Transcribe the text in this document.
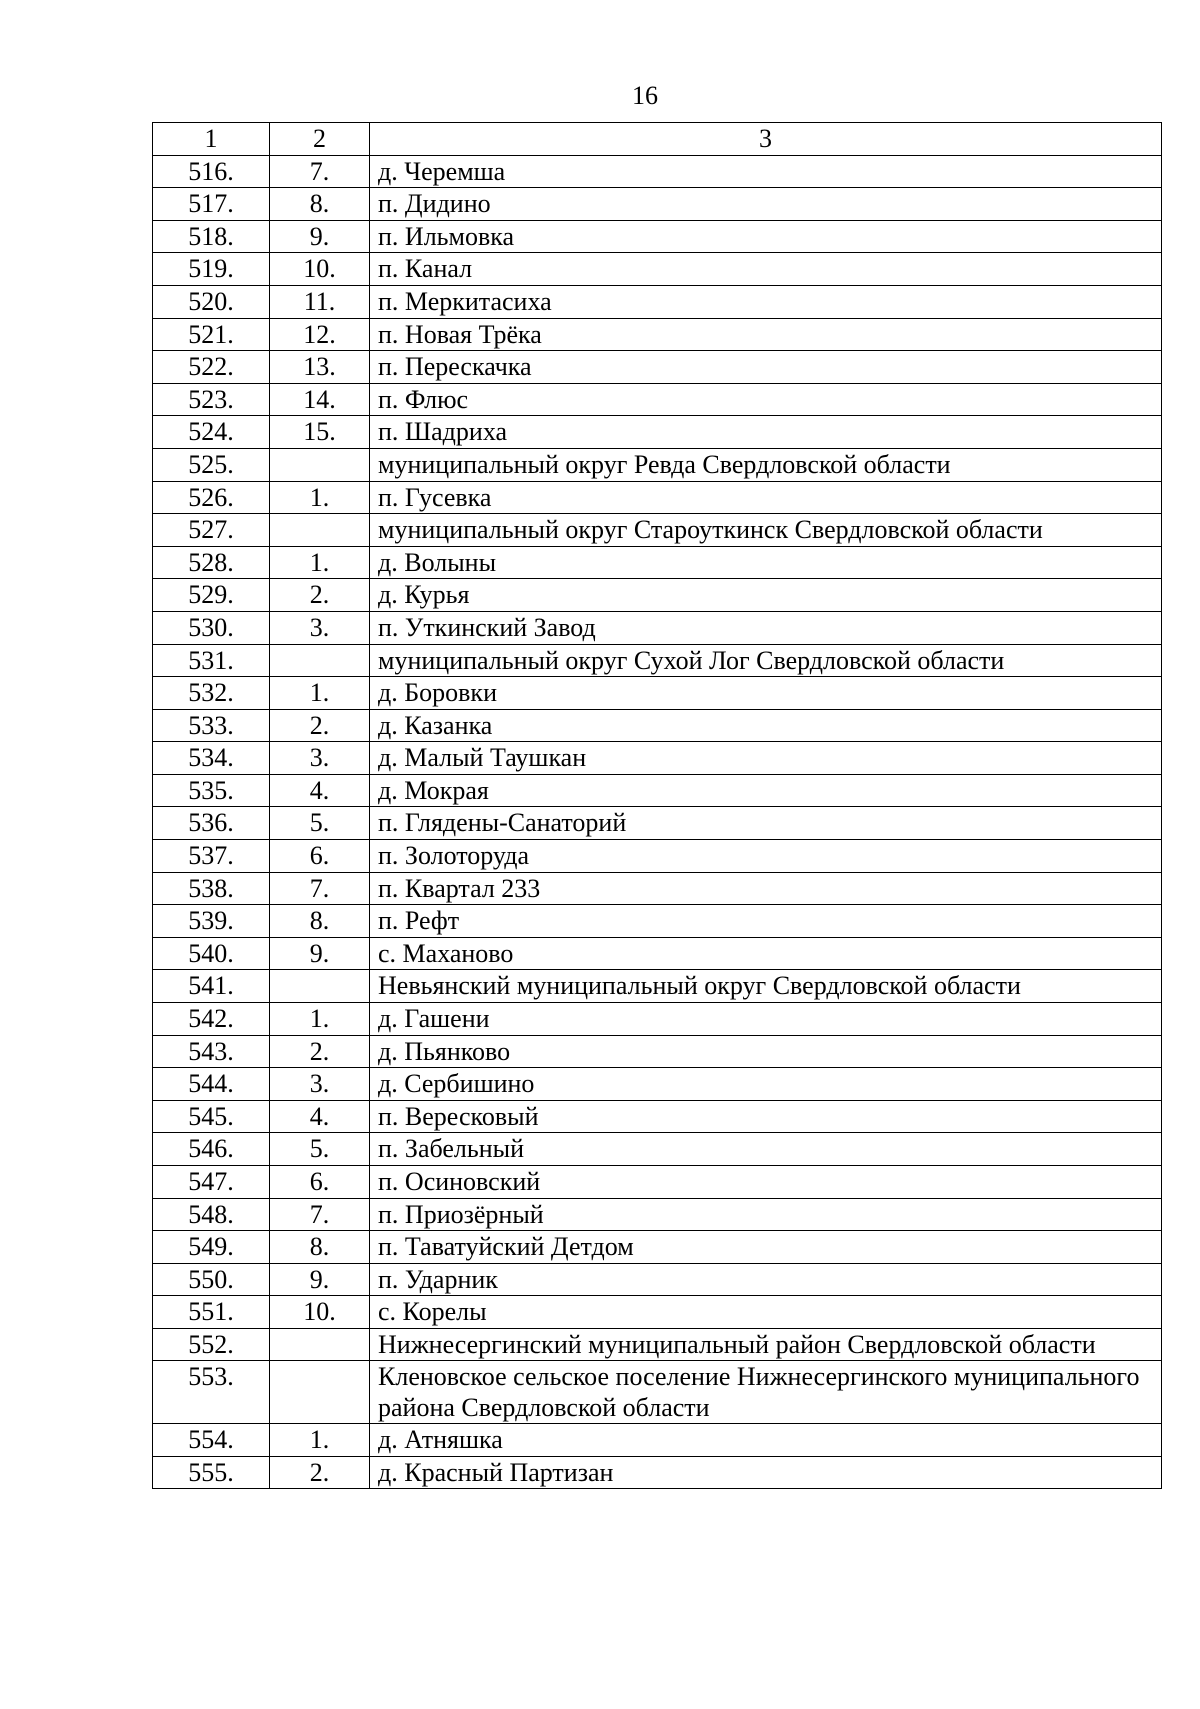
16
1	2	3
516.	7.	д. Черемша
517.	8.	п. Дидино
518.	9.	п. Ильмовка
519.	10.	п. Канал
520.	11.	п. Меркитасиха
521.	12.	п. Новая Трёка
522.	13.	п. Перескачка
523.	14.	п. Флюс
524.	15.	п. Шадриха
525.		муниципальный округ Ревда Свердловской области
526.	1.	п. Гусевка
527.		муниципальный округ Староуткинск Свердловской области
528.	1.	д. Волыны
529.	2.	д. Курья
530.	3.	п. Уткинский Завод
531.		муниципальный округ Сухой Лог Свердловской области
532.	1.	д. Боровки
533.	2.	д. Казанка
534.	3.	д. Малый Таушкан
535.	4.	д. Мокрая
536.	5.	п. Глядены-Санаторий
537.	6.	п. Золоторуда
538.	7.	п. Квартал 233
539.	8.	п. Рефт
540.	9.	с. Маханово
541.		Невьянский муниципальный округ Свердловской области
542.	1.	д. Гашени
543.	2.	д. Пьянково
544.	3.	д. Сербишино
545.	4.	п. Вересковый
546.	5.	п. Забельный
547.	6.	п. Осиновский
548.	7.	п. Приозёрный
549.	8.	п. Таватуйский Детдом
550.	9.	п. Ударник
551.	10.	с. Корелы
552.		Нижнесергинский муниципальный район Свердловской области
553.		Кленовское сельское поселение Нижнесергинского муниципального района Свердловской области
554.	1.	д. Атняшка
555.	2.	д. Красный Партизан
